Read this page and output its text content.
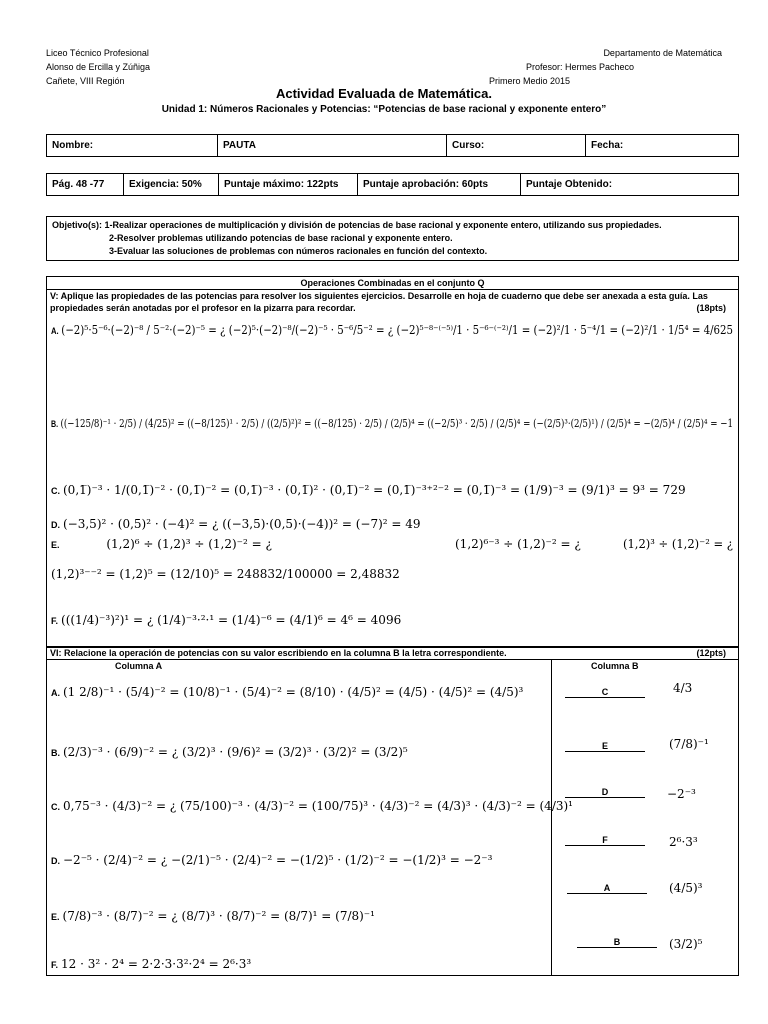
Liceo Técnico Profesional
Alonso de Ercilla y Zúñiga
Cañete, VIII Región
Departamento de Matemática
Profesor: Hermes Pacheco
Primero Medio 2015
Actividad Evaluada de Matemática.
Unidad 1: Números Racionales y Potencias: “Potencias de base racional y exponente entero”
Nombre:	PAUTA	Curso:	Fecha:
Pág. 48 -77	Exigencia: 50%	Puntaje máximo: 122pts	Puntaje aprobación: 60pts	Puntaje Obtenido:
Objetivo(s): 1-Realizar operaciones de multiplicación y división de potencias de base racional y exponente entero, utilizando sus propiedades.
2-Resolver problemas utilizando potencias de base racional y exponente entero.
3-Evaluar las soluciones de problemas con números racionales en función del contexto.
Operaciones Combinadas en el conjunto Q
V: Aplique las propiedades de las potencias para resolver los siguientes ejercicios. Desarrolle en hoja de cuaderno que debe ser anexada a esta guía. Las propiedades serán anotadas por el profesor en la pizarra para recordar.	(18pts)
A. (−2)⁵·5⁻⁶·(−2)⁻⁸ / 5⁻²·(−2)⁻⁵ = ¿ (−2)⁵·(−2)⁻⁸/(−2)⁻⁵ · 5⁻⁶/5⁻² = ¿ (−2)⁵⁻⁸⁻⁽⁻⁵⁾/1 · 5⁻⁶⁻⁽⁻²⁾/1 = (−2)²/1 · 5⁻⁴/1 = (−2)²/1 · 1/5⁴ = 4/625
B. ((−125/8)⁻¹ · 2/5) / (4/25)² = ((−8/125)¹ · 2/5) / ((2/5)²)² = ((−8/125) · 2/5) / (2/5)⁴ = ((−2/5)³ · 2/5) / (2/5)⁴ = (−(2/5)³·(2/5)¹) / (2/5)⁴ = −(2/5)⁴ / (2/5)⁴ = −1
C. (0,1̅)⁻³ · 1/(0,1̅)⁻² · (0,1̅)⁻² = (0,1̅)⁻³ · (0,1̅)² · (0,1̅)⁻² = (0,1̅)⁻³⁺²⁻² = (0,1̅)⁻³ = (1/9)⁻³ = (9/1)³ = 9³ = 729
D. (−3,5)² · (0,5)² · (−4)² = ¿ ((−3,5)·(0,5)·(−4))² = (−7)² = 49
E.	(1,2)⁶ ÷ (1,2)³ ÷ (1,2)⁻² = ¿	(1,2)⁶⁻³ ÷ (1,2)⁻² = ¿	(1,2)³ ÷ (1,2)⁻² = ¿
(1,2)³⁻⁻² = (1,2)⁵ = (12/10)⁵ = 248832/100000 = 2,48832
F. (((1/4)⁻³)²)¹ = ¿ (1/4)⁻³·²·¹ = (1/4)⁻⁶ = (4/1)⁶ = 4⁶ = 4096
VI: Relacione la operación de potencias con su valor escribiendo en la columna B la letra correspondiente.	(12pts)
Columna A	Columna B
A. (1 2/8)⁻¹ · (5/4)⁻² = (10/8)⁻¹ · (5/4)⁻² = (8/10) · (4/5)² = (4/5) · (4/5)² = (4/5)³
B. (2/3)⁻³ · (6/9)⁻² = ¿ (3/2)³ · (9/6)² = (3/2)³ · (3/2)² = (3/2)⁵
C. 0,75⁻³ · (4/3)⁻² = ¿ (75/100)⁻³ · (4/3)⁻² = (100/75)³ · (4/3)⁻² = (4/3)³ · (4/3)⁻² = (4/3)¹
D. −2⁻⁵ · (2/4)⁻² = ¿ −(2/1)⁻⁵ · (2/4)⁻² = −(1/2)⁵ · (1/2)⁻² = −(1/2)³ = −2⁻³
E. (7/8)⁻³ · (8/7)⁻² = ¿ (8/7)³ · (8/7)⁻² = (8/7)¹ = (7/8)⁻¹
F. 12 · 3² · 2⁴ = 2·2·3·3²·2⁴ = 2⁶·3³
C	4/3
E	(7/8)⁻¹
D	−2⁻³
F	2⁶·3³
A	(4/5)³
B	(3/2)⁵
